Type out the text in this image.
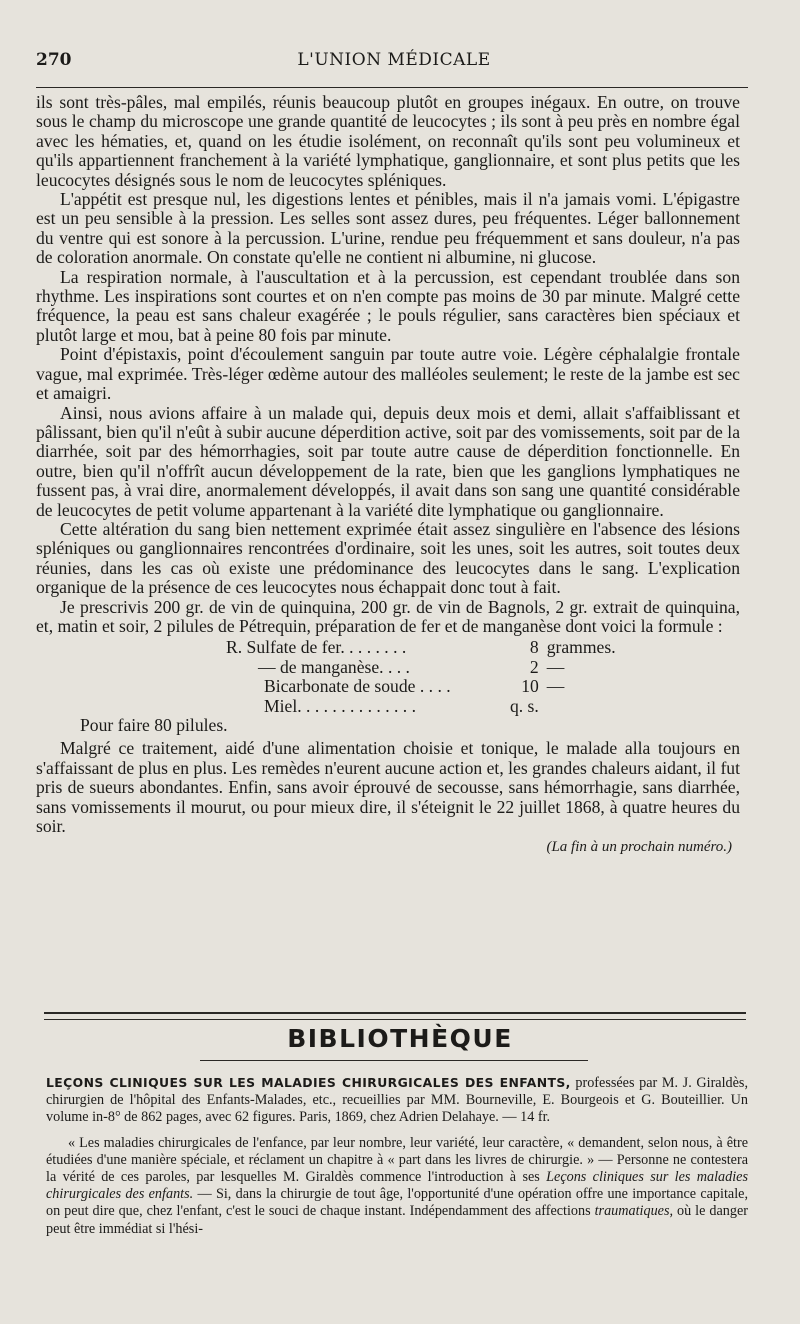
270	L'UNION MÉDICALE

ils sont très-pâles, mal empilés, réunis beaucoup plutôt en groupes inégaux. En outre, on trouve sous le champ du microscope une grande quantité de leucocytes ; ils sont à peu près en nombre égal avec les hématies, et, quand on les étudie isolément, on reconnaît qu'ils sont peu volumineux et qu'ils appartiennent franchement à la variété lymphatique, ganglionnaire, et sont plus petits que les leucocytes désignés sous le nom de leucocytes spléniques.

L'appétit est presque nul, les digestions lentes et pénibles, mais il n'a jamais vomi. L'épigastre est un peu sensible à la pression. Les selles sont assez dures, peu fréquentes. Léger ballonnement du ventre qui est sonore à la percussion. L'urine, rendue peu fréquemment et sans douleur, n'a pas de coloration anormale. On constate qu'elle ne contient ni albumine, ni glucose.

La respiration normale, à l'auscultation et à la percussion, est cependant troublée dans son rhythme. Les inspirations sont courtes et on n'en compte pas moins de 30 par minute. Malgré cette fréquence, la peau est sans chaleur exagérée ; le pouls régulier, sans caractères bien spéciaux et plutôt large et mou, bat à peine 80 fois par minute.

Point d'épistaxis, point d'écoulement sanguin par toute autre voie. Légère céphalalgie frontale vague, mal exprimée. Très-léger œdème autour des malléoles seulement; le reste de la jambe est sec et amaigri.

Ainsi, nous avions affaire à un malade qui, depuis deux mois et demi, allait s'affaiblissant et pâlissant, bien qu'il n'eût à subir aucune déperdition active, soit par des vomissements, soit par de la diarrhée, soit par des hémorrhagies, soit par toute autre cause de déperdition fonctionnelle. En outre, bien qu'il n'offrît aucun développement de la rate, bien que les ganglions lymphatiques ne fussent pas, à vrai dire, anormalement développés, il avait dans son sang une quantité considérable de leucocytes de petit volume appartenant à la variété dite lymphatique ou ganglionnaire.

Cette altération du sang bien nettement exprimée était assez singulière en l'absence des lésions spléniques ou ganglionnaires rencontrées d'ordinaire, soit les unes, soit les autres, soit toutes deux réunies, dans les cas où existe une prédominance des leucocytes dans le sang. L'explication organique de la présence de ces leucocytes nous échappait donc tout à fait.

Je prescrivis 200 gr. de vin de quinquina, 200 gr. de vin de Bagnols, 2 gr. extrait de quinquina, et, matin et soir, 2 pilules de Pétrequin, préparation de fer et de manganèse dont voici la formule :

R. Sulfate de fer. . . . . . . .	8 grammes.
— de manganèse. . . .	2 —
Bicarbonate de soude . . . .	10 —
Miel. . . . . . . . . . . . . .	q. s.

Pour faire 80 pilules.

Malgré ce traitement, aidé d'une alimentation choisie et tonique, le malade alla toujours en s'affaissant de plus en plus. Les remèdes n'eurent aucune action et, les grandes chaleurs aidant, il fut pris de sueurs abondantes. Enfin, sans avoir éprouvé de secousse, sans hémorrhagie, sans diarrhée, sans vomissements il mourut, ou pour mieux dire, il s'éteignit le 22 juillet 1868, à quatre heures du soir.

(La fin à un prochain numéro.)
BIBLIOTHÈQUE

LEÇONS CLINIQUES SUR LES MALADIES CHIRURGICALES DES ENFANTS, professées par M. J. Giraldès, chirurgien de l'hôpital des Enfants-Malades, etc., recueillies par MM. Bourneville, E. Bourgeois et G. Bouteillier. Un volume in-8° de 862 pages, avec 62 figures. Paris, 1869, chez Adrien Delahaye. — 14 fr.

« Les maladies chirurgicales de l'enfance, par leur nombre, leur variété, leur caractère, « demandent, selon nous, à être étudiées d'une manière spéciale, et réclament un chapitre à « part dans les livres de chirurgie. » — Personne ne contestera la vérité de ces paroles, par lesquelles M. Giraldès commence l'introduction à ses Leçons cliniques sur les maladies chirurgicales des enfants. — Si, dans la chirurgie de tout âge, l'opportunité d'une opération offre une importance capitale, on peut dire que, chez l'enfant, c'est le souci de chaque instant. Indépendamment des affections traumatiques, où le danger peut être immédiat si l'hési-
